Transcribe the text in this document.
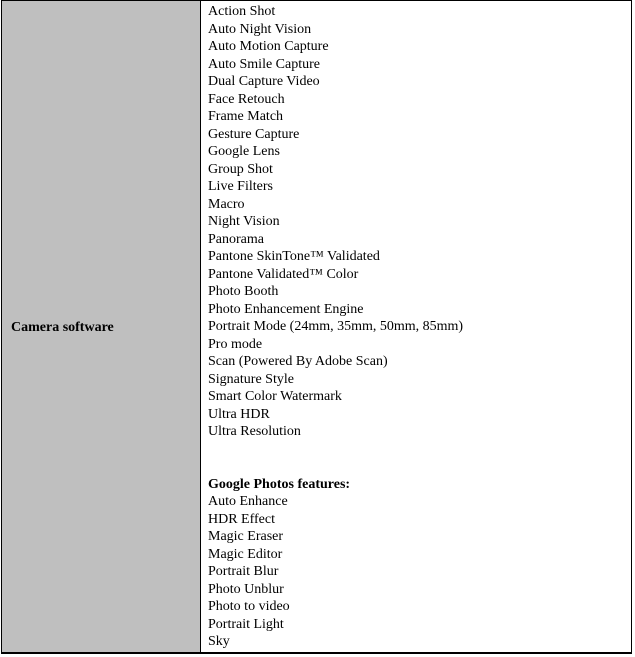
Camera software
Action Shot
Auto Night Vision
Auto Motion Capture
Auto Smile Capture
Dual Capture Video
Face Retouch
Frame Match
Gesture Capture
Google Lens
Group Shot
Live Filters
Macro
Night Vision
Panorama
Pantone SkinTone™ Validated
Pantone Validated™ Color
Photo Booth
Photo Enhancement Engine
Portrait Mode (24mm, 35mm, 50mm, 85mm)
Pro mode
Scan (Powered By Adobe Scan)
Signature Style
Smart Color Watermark
Ultra HDR
Ultra Resolution
Google Photos features:
Auto Enhance
HDR Effect
Magic Eraser
Magic Editor
Portrait Blur
Photo Unblur
Photo to video
Portrait Light
Sky
